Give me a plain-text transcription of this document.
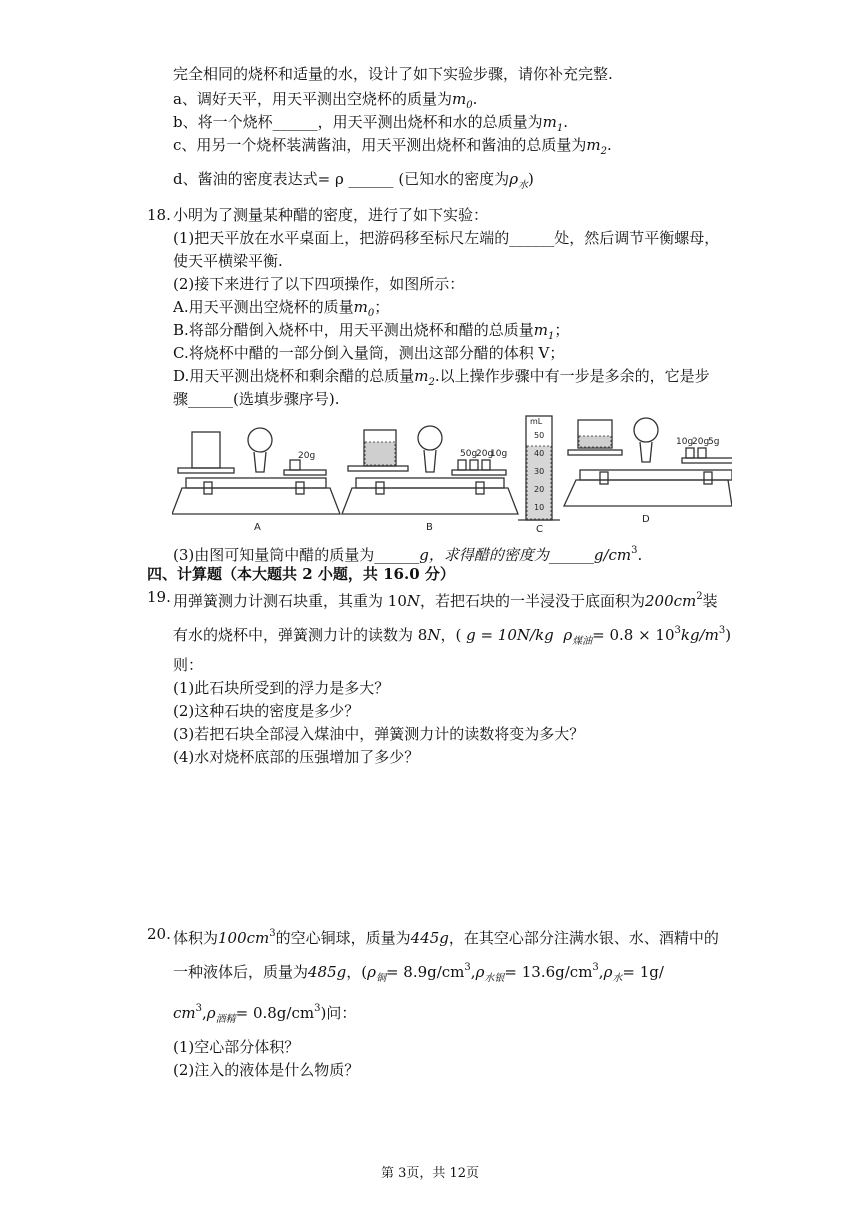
完全相同的烧杯和适量的水，设计了如下实验步骤，请你补充完整.
a、调好天平，用天平测出空烧杯的质量为$m_0$.
b、将一个烧杯______，用天平测出烧杯和水的总质量为$m_1$.
c、用另一个烧杯装满酱油，用天平测出烧杯和酱油的总质量为$m_2$.
d、酱油的密度表达式= ρ ______ (已知水的密度为$\rho_水$)
18. 小明为了测量某种醋的密度，进行了如下实验：
(1)把天平放在水平桌面上，把游码移至标尺左端的______处，然后调节平衡螺母，
使天平横梁平衡.
(2)接下来进行了以下四项操作，如图所示：
A.用天平测出空烧杯的质量$m_0$；
B.将部分醋倒入烧杯中，用天平测出烧杯和醋的总质量$m_1$；
C.将烧杯中醋的一部分倒入量筒，测出这部分醋的体积 V；
D.用天平测出烧杯和剩余醋的总质量$m_2$.以上操作步骤中有一步是多余的，它是步
骤______(选填步骤序号).
20g	50g
20g
10g
10g
20g
5g
mL
50
40
30
20
10
A	B	C
D
(3)由图可知量筒中醋的质量为______g，求得醋的密度为$\_\_\_\_\_\_g/cm^3$.
四、计算题（本大题共 2 小题，共 16.0 分）
19. 用弹簧测力计测石块重，其重为 10N，若把石块的一半浸没于底面积为$200cm^2$装
有水的烧杯中，弹簧测力计的读数为 8N，( g = 10N/kg $\rho_{煤油}= 0.8 \times 10^3kg/m^3$)
则：
(1)此石块所受到的浮力是多大？
(2)这种石块的密度是多少？
(3)若把石块全部浸入煤油中，弹簧测力计的读数将变为多大？
(4)水对烧杯底部的压强增加了多少？
20. 体积为$100cm^3$的空心铜球，质量为445g，在其空心部分注满水银、水、酒精中的
一种液体后，质量为485g，($\rho_铜= 8.9g/cm^3,\rho_{水银}= 13.6g/cm^3,\rho_水= 1g/$
$cm^3,\rho_{酒精}= 0.8g/cm^3$)问：
(1)空心部分体积？
(2)注入的液体是什么物质？
第 3页，共 12页
